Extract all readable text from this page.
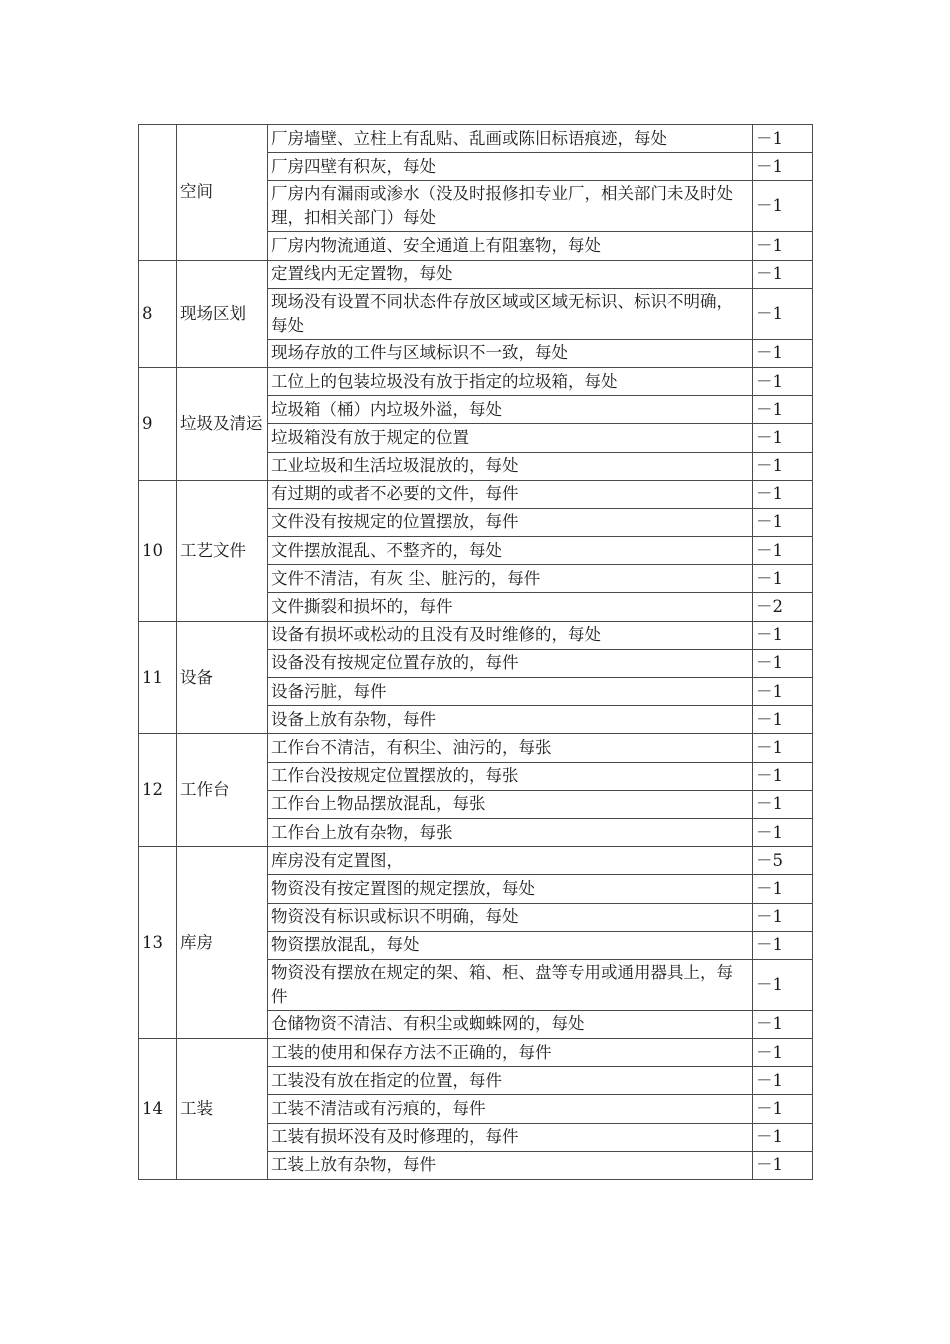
	空间	厂房墙壁、立柱上有乱贴、乱画或陈旧标语痕迹，每处	－1
		厂房四壁有积灰，每处	－1
		厂房内有漏雨或渗水（没及时报修扣专业厂，相关部门未及时处理，扣相关部门）每处	－1
		厂房内物流通道、安全通道上有阻塞物，每处	－1
8	现场区划	定置线内无定置物，每处	－1
		现场没有设置不同状态件存放区域或区域无标识、标识不明确，每处	－1
		现场存放的工件与区域标识不一致，每处	－1
9	垃圾及清运	工位上的包装垃圾没有放于指定的垃圾箱，每处	－1
		垃圾箱（桶）内垃圾外溢，每处	－1
		垃圾箱没有放于规定的位置	－1
		工业垃圾和生活垃圾混放的，每处	－1
10	工艺文件	有过期的或者不必要的文件，每件	－1
		文件没有按规定的位置摆放，每件	－1
		文件摆放混乱、不整齐的，每处	－1
		文件不清洁，有灰 尘、脏污的，每件	－1
		文件撕裂和损坏的，每件	－2
11	设备	设备有损坏或松动的且没有及时维修的，每处	－1
		设备没有按规定位置存放的，每件	－1
		设备污脏，每件	－1
		设备上放有杂物，每件	－1
12	工作台	工作台不清洁，有积尘、油污的，每张	－1
		工作台没按规定位置摆放的，每张	－1
		工作台上物品摆放混乱，每张	－1
		工作台上放有杂物，每张	－1
13	库房	库房没有定置图，	－5
		物资没有按定置图的规定摆放，每处	－1
		物资没有标识或标识不明确，每处	－1
		物资摆放混乱，每处	－1
		物资没有摆放在规定的架、箱、柜、盘等专用或通用器具上，每件	－1
		仓储物资不清洁、有积尘或蜘蛛网的，每处	－1
14	工装	工装的使用和保存方法不正确的，每件	－1
		工装没有放在指定的位置，每件	－1
		工装不清洁或有污痕的，每件	－1
		工装有损坏没有及时修理的，每件	－1
		工装上放有杂物，每件	－1
